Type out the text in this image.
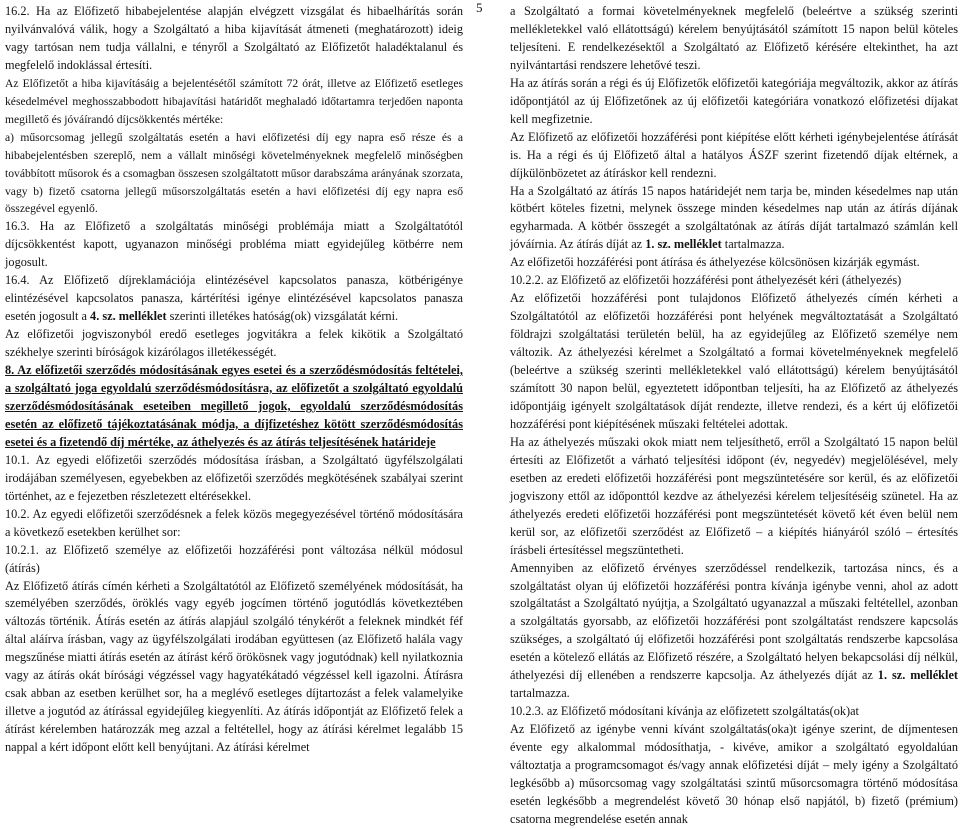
5

16.2. Ha az Előfizető hibabejelentése alapján elvégzett vizsgálat és hibaelhárítás során nyilvánvalóvá válik, hogy a Szolgáltató a hiba kijavítását átmeneti (meghatározott) ideig vagy tartósan nem tudja vállalni, e tényről a Szolgáltató az Előfizetőt haladéktalanul és megfelelő indoklással értesíti.

Az Előfizetőt a hiba kijavításáig a bejelentésétől számított 72 órát, illetve az Előfizető esetleges késedelmével meghosszabbodott hibajavítási határidőt meghaladó időtartamra terjedően naponta megillető és jóváírandó díjcsökkentés mértéke:

a) műsorcsomag jellegű szolgáltatás esetén a havi előfizetési díj egy napra eső része és a hibabejelentésben szereplő, nem a vállalt minőségi követelményeknek megfelelő minőségben továbbított műsorok és a csomagban összesen szolgáltatott műsor darabszáma arányának szorzata, vagy b) fizető csatorna jellegű műsorszolgáltatás esetén a havi előfizetési díj egy napra eső összegével egyenlő.

16.3. Ha az Előfizető a szolgáltatás minőségi problémája miatt a Szolgáltatótól díjcsökkentést kapott, ugyanazon minőségi probléma miatt egyidejűleg kötbérre nem jogosult.

16.4. Az Előfizető díjreklamációja elintézésével kapcsolatos panasza, kötbérigénye elintézésével kapcsolatos panasza, kártérítési igénye elintézésével kapcsolatos panasza esetén jogosult a 4. sz. melléklet szerinti illetékes hatóság(ok) vizsgálatát kérni.

Az előfizetői jogviszonyból eredő esetleges jogvitákra a felek kikötik a Szolgáltató székhelye szerinti bíróságok kizárólagos illetékességét.

8. Az előfizetői szerződés módosításának egyes esetei és a szerződésmódosítás feltételei, a szolgáltató joga egyoldalú szerződésmódosításra, az előfizetőt a szolgáltató egyoldalú szerződésmódosításának eseteiben megillető jogok, egyoldalú szerződésmódosítás esetén az előfizető tájékoztatásának módja, a díjfizetéshez kötött szerződésmódosítás esetei és a fizetendő díj mértéke, az áthelyezés és az átírás teljesítésének határideje

10.1. Az egyedi előfizetői szerződés módosítása írásban, a Szolgáltató ügyfélszolgálati irodájában személyesen, egyebekben az előfizetői szerződés megkötésének szabályai szerint történhet, az e fejezetben részletezett eltérésekkel.

10.2. Az egyedi előfizetői szerződésnek a felek közös megegyezésével történő módosítására a következő esetekben kerülhet sor:

10.2.1. az Előfizető személye az előfizetői hozzáférési pont változása nélkül módosul (átírás)

Az Előfizető átírás címén kérheti a Szolgáltatótól az Előfizető személyének módosítását, ha személyében szerződés, öröklés vagy egyéb jogcímen történő jogutódlás következtében változás történik. Átírás esetén az átírás alapjául szolgáló ténykérőt a feleknek mindkét féf által aláírva írásban, vagy az ügyfélszolgálati irodában együttesen (az Előfizető halála vagy megszűnése miatti átírás esetén az átírást kérő örökösnek vagy jogutódnak) kell nyilatkoznia vagy az átírás okát bírósági végzéssel vagy hagyatékátadó végzéssel kell igazolni. Átírásra csak abban az esetben kerülhet sor, ha a meglévő esetleges díjtartozást a felek valamelyike illetve a jogutód az átírással egyidejűleg kiegyenlíti. Az átírás időpontját az Előfizető felek a átírást kérelemben határozzák meg azzal a feltétellel, hogy az átírási kérelmet legalább 15 nappal a kért időpont előtt kell benyújtani. Az átírási kérelmet

a Szolgáltató a formai követelményeknek megfelelő (beleértve a szükség szerinti mellékletekkel való ellátottságú) kérelem benyújtásától számított 15 napon belül köteles teljesíteni. E rendelkezésektől a Szolgáltató az Előfizető kérésére eltekinthet, ha azt nyilvántartási rendszere lehetővé teszi.

Ha az átírás során a régi és új Előfizetők előfizetői kategóriája megváltozik, akkor az átírás időpontjától az új Előfizetőnek az új előfizetői kategóriára vonatkozó előfizetési díjakat kell megfizetnie.

Az Előfizető az előfizetői hozzáférési pont kiépítése előtt kérheti igénybejelentése átírását is. Ha a régi és új Előfizető által a hatályos ÁSZF szerint fizetendő díjak eltérnek, a díjkülönbözetet az átíráskor kell rendezni.

Ha a Szolgáltató az átírás 15 napos határidejét nem tarja be, minden késedelmes nap után kötbért köteles fizetni, melynek összege minden késedelmes nap után az átírás díjának egyharmada. A kötbér összegét a szolgáltatónak az átírás díját tartalmazó számlán kell jóváírnia. Az átírás díját az 1. sz. melléklet tartalmazza.

Az előfizetői hozzáférési pont átírása és áthelyezése kölcsönösen kizárják egymást.

10.2.2. az Előfizető az előfizetői hozzáférési pont áthelyezését kéri (áthelyezés)

Az előfizetői hozzáférési pont tulajdonos Előfizető áthelyezés címén kérheti a Szolgáltatótól az előfizetői hozzáférési pont helyének megváltoztatását a Szolgáltató földrajzi szolgáltatási területén belül, ha az egyidejűleg az Előfizető személye nem változik. Az áthelyezési kérelmet a Szolgáltató a formai követelményeknek megfelelő (beleértve a szükség szerinti mellékletekkel való ellátottságú) kérelem benyújtásától számított 30 napon belül, egyeztetett időpontban teljesíti, ha az Előfizető az áthelyezés időpontjáig igényelt szolgáltatások díját rendezte, illetve rendezi, és a kért új előfizetői hozzáférési pont kiépítésének műszaki feltételei adottak.

Ha az áthelyezés műszaki okok miatt nem teljesíthető, erről a Szolgáltató 15 napon belül értesíti az Előfizetőt a várható teljesítési időpont (év, negyedév) megjelölésével, mely esetben az eredeti előfizetői hozzáférési pont megszüntetésére sor kerül, és az előfizetői jogviszony ettől az időponttól kezdve az áthelyezési kérelem teljesítéséig szünetel. Ha az áthelyezés eredeti előfizetői hozzáférési pont megszüntetését követő két éven belül nem kerül sor, az előfizetői szerződést az Előfizető – a kiépítés hiányáról szóló – értesítés írásbeli értesítéssel megszüntetheti.

Amennyiben az előfizető érvényes szerződéssel rendelkezik, tartozása nincs, és a szolgáltatást olyan új előfizetői hozzáférési pontra kívánja igénybe venni, ahol az adott szolgáltatást a Szolgáltató nyújtja, a Szolgáltató ugyanazzal a műszaki feltétellel, azonban a szolgáltatás gyorsabb, az előfizetői hozzáférési pont szolgáltatást rendszere kapcsolás szükséges, a szolgáltató új előfizetői hozzáférési pont szolgáltatás rendszerbe kapcsolása esetén a kötelező ellátás az Előfizető részére, a Szolgáltató helyen bekapcsolási díj nélkül, áthelyezési díj ellenében a rendszerre kapcsolja. Az áthelyezés díját az 1. sz. melléklet tartalmazza.

10.2.3. az Előfizető módosítani kívánja az előfizetett szolgáltatás(ok)at

Az Előfizető az igénybe venni kívánt szolgáltatás(oka)t igénye szerint, de díjmentesen évente egy alkalommal módosíthatja, - kivéve, amikor a szolgáltató egyoldalúan változtatja a programcsomagot és/vagy annak előfizetési díját – mely igény a Szolgáltató legkésőbb a) műsorcsomag vagy szolgáltatási szintű műsorcsomagra történő módosítása esetén legkésőbb a megrendelést követő 30 hónap első napjától, b) fizető (prémium) csatorna megrendelése esetén annak
